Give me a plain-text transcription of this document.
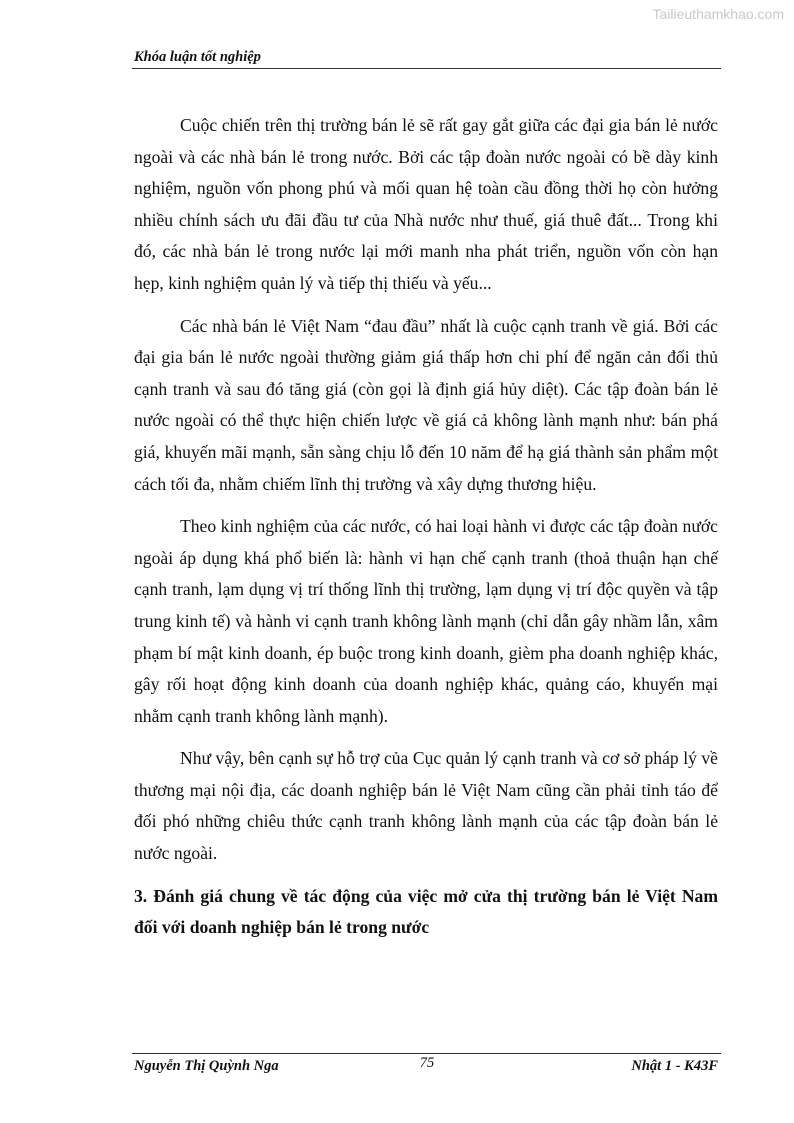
Tailieuthamkhao.com
Khóa luận tốt nghiệp

Cuộc chiến trên thị trường bán lẻ sẽ rất gay gắt giữa các đại gia bán lẻ nước ngoài và các nhà bán lẻ trong nước. Bởi các tập đoàn nước ngoài có bề dày kinh nghiệm, nguồn vốn phong phú và mối quan hệ toàn cầu đồng thời họ còn hưởng nhiều chính sách ưu đãi đầu tư của Nhà nước như thuế, giá thuê đất... Trong khi đó, các nhà bán lẻ trong nước lại mới manh nha phát triển, nguồn vốn còn hạn hẹp, kinh nghiệm quản lý và tiếp thị thiếu và yếu...

Các nhà bán lẻ Việt Nam “đau đầu” nhất là cuộc cạnh tranh về giá. Bởi các đại gia bán lẻ nước ngoài thường giảm giá thấp hơn chi phí để ngăn cản đối thủ cạnh tranh và sau đó tăng giá (còn gọi là định giá hủy diệt). Các tập đoàn bán lẻ nước ngoài có thể thực hiện chiến lược về giá cả không lành mạnh như: bán phá giá, khuyến mãi mạnh, sẵn sàng chịu lỗ đến 10 năm để hạ giá thành sản phẩm một cách tối đa, nhằm chiếm lĩnh thị trường và xây dựng thương hiệu.

Theo kinh nghiệm của các nước, có hai loại hành vi được các tập đoàn nước ngoài áp dụng khá phổ biến là: hành vi hạn chế cạnh tranh (thoả thuận hạn chế cạnh tranh, lạm dụng vị trí thống lĩnh thị trường, lạm dụng vị trí độc quyền và tập trung kinh tế) và hành vi cạnh tranh không lành mạnh (chỉ dẫn gây nhầm lẫn, xâm phạm bí mật kinh doanh, ép buộc trong kinh doanh, gièm pha doanh nghiệp khác, gây rối hoạt động kinh doanh của doanh nghiệp khác, quảng cáo, khuyến mại nhằm cạnh tranh không lành mạnh).

Như vậy, bên cạnh sự hỗ trợ của Cục quản lý cạnh tranh và cơ sở pháp lý về thương mại nội địa, các doanh nghiệp bán lẻ Việt Nam cũng cần phải tỉnh táo để đối phó những chiêu thức cạnh tranh không lành mạnh của các tập đoàn bán lẻ nước ngoài.

3. Đánh giá chung về tác động của việc mở cửa thị trường bán lẻ Việt Nam đối với doanh nghiệp bán lẻ trong nước

Nguyễn Thị Quỳnh Nga	75	Nhật 1 - K43F
